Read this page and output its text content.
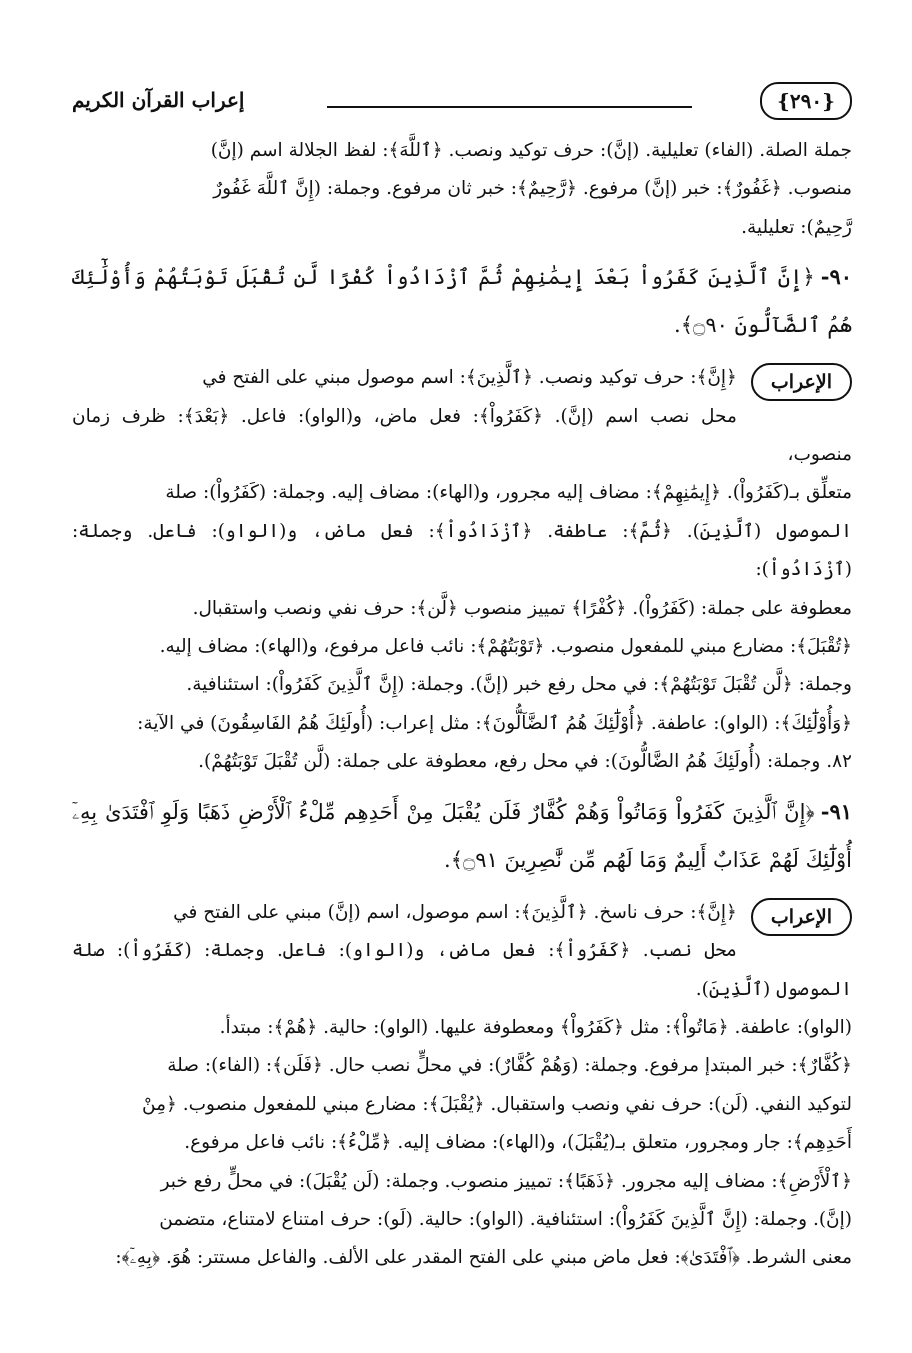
إعراب القرآن الكريم	{٢٩٠}

جملة الصلة. (الفاء) تعليلية. (إنَّ): حرف توكيد ونصب. ﴿ٱللَّهَ﴾: لفظ الجلالة اسم (إنَّ)

منصوب. ﴿غَفُورٌ﴾: خبر (إنَّ) مرفوع. ﴿رَّحِيمٌ﴾: خبر ثان مرفوع. وجملة: (إِنَّ ٱللَّهَ غَفُورٌ

رَّحِيمٌ): تعليلية.

٩٠-﴿إِنَّ ٱلَّذِينَ كَفَرُواْ بَعْدَ إِيمَٰنِهِمْ ثُمَّ ٱزْدَادُواْ كُفْرًا لَّن تُقْبَلَ تَوْبَتُهُمْ وَأُوْلَٰٓئِكَ هُمُ ٱلضَّآلُّونَ ۝٩٠﴾.
الإعراب

﴿إِنَّ﴾: حرف توكيد ونصب. ﴿ٱلَّذِينَ﴾: اسم موصول مبني على الفتح في

محل نصب اسم (إنَّ). ﴿كَفَرُواْ﴾: فعل ماض، و(الواو): فاعل. ﴿بَعْدَ﴾: ظرف زمان منصوب،

متعلِّق بـ(كَفَرُواْ). ﴿إِيمَٰنِهِمْ﴾: مضاف إليه مجرور، و(الهاء): مضاف إليه. وجملة: (كَفَرُواْ): صلة

الموصول (ٱلَّذِينَ). ﴿ثُمَّ﴾: عاطفة. ﴿ٱزْدَادُواْ﴾: فعل ماض، و(الواو): فاعل. وجملة: (ٱزْدَادُواْ):

معطوفة على جملة: (كَفَرُواْ). ﴿كُفْرًا﴾ تمييز منصوب ﴿لَّن﴾: حرف نفي ونصب واستقبال.

﴿تُقْبَلَ﴾: مضارع مبني للمفعول منصوب. ﴿تَوْبَتُهُمْ﴾: نائب فاعل مرفوع، و(الهاء): مضاف إليه.

وجملة: ﴿لَّن تُقْبَلَ تَوْبَتُهُمْ﴾: في محل رفع خبر (إنَّ). وجملة: (إِنَّ ٱلَّذِينَ كَفَرُواْ): استئنافية.

﴿وَأُوْلَٰٓئِكَ﴾: (الواو): عاطفة. ﴿أُوْلَٰٓئِكَ هُمُ ٱلضَّآلُّونَ﴾: مثل إعراب: (أُولَئِكَ هُمُ الفَاسِقُونَ) في الآية:

٨٢. وجملة: (أُولَئِكَ هُمُ الضَّالُّونَ): في محل رفع، معطوفة على جملة: (لَّن تُقْبَلَ تَوْبَتُهُمْ).

٩١-﴿إِنَّ ٱلَّذِينَ كَفَرُواْ وَمَاتُواْ وَهُمْ كُفَّارٌ فَلَن يُقْبَلَ مِنْ أَحَدِهِم مِّلْءُ ٱلْأَرْضِ ذَهَبًا وَلَوِ ٱفْتَدَىٰ بِهِۦٓ أُوْلَٰٓئِكَ لَهُمْ عَذَابٌ أَلِيمٌ وَمَا لَهُم مِّن نَّٰصِرِينَ ۝٩١﴾.
الإعراب

﴿إِنَّ﴾: حرف ناسخ. ﴿ٱلَّذِينَ﴾: اسم موصول، اسم (إنَّ) مبني على الفتح في

محل نصب. ﴿كَفَرُواْ﴾: فعل ماض، و(الواو): فاعل. وجملة: (كَفَرُواْ): صلة الموصول (ٱلَّذِينَ).

(الواو): عاطفة. ﴿مَاتُواْ﴾: مثل ﴿كَفَرُواْ﴾ ومعطوفة عليها. (الواو): حالية. ﴿هُمْ﴾: مبتدأ.

﴿كُفَّارٌ﴾: خبر المبتدإ مرفوع. وجملة: (وَهُمْ كُفَّارٌ): في محلٍّ نصب حال. ﴿فَلَن﴾: (الفاء): صلة

لتوكيد النفي. (لَن): حرف نفي ونصب واستقبال. ﴿يُقْبَلَ﴾: مضارع مبني للمفعول منصوب. ﴿مِنْ

أَحَدِهِم﴾: جار ومجرور، متعلق بـ(يُقْبَلَ)، و(الهاء): مضاف إليه. ﴿مِّلْءُ﴾: نائب فاعل مرفوع.

﴿ٱلْأَرْضِ﴾: مضاف إليه مجرور. ﴿ذَهَبًا﴾: تمييز منصوب. وجملة: (لَن يُقْبَلَ): في محلٍّ رفع خبر

(إنَّ). وجملة: (إِنَّ ٱلَّذِينَ كَفَرُواْ): استئنافية. (الواو): حالية. (لَو): حرف امتناع لامتناع، متضمن

معنى الشرط. ﴿ٱفْتَدَىٰ﴾: فعل ماض مبني على الفتح المقدر على الألف. والفاعل مستتر: هُوَ. ﴿بِهِۦٓ﴾:
